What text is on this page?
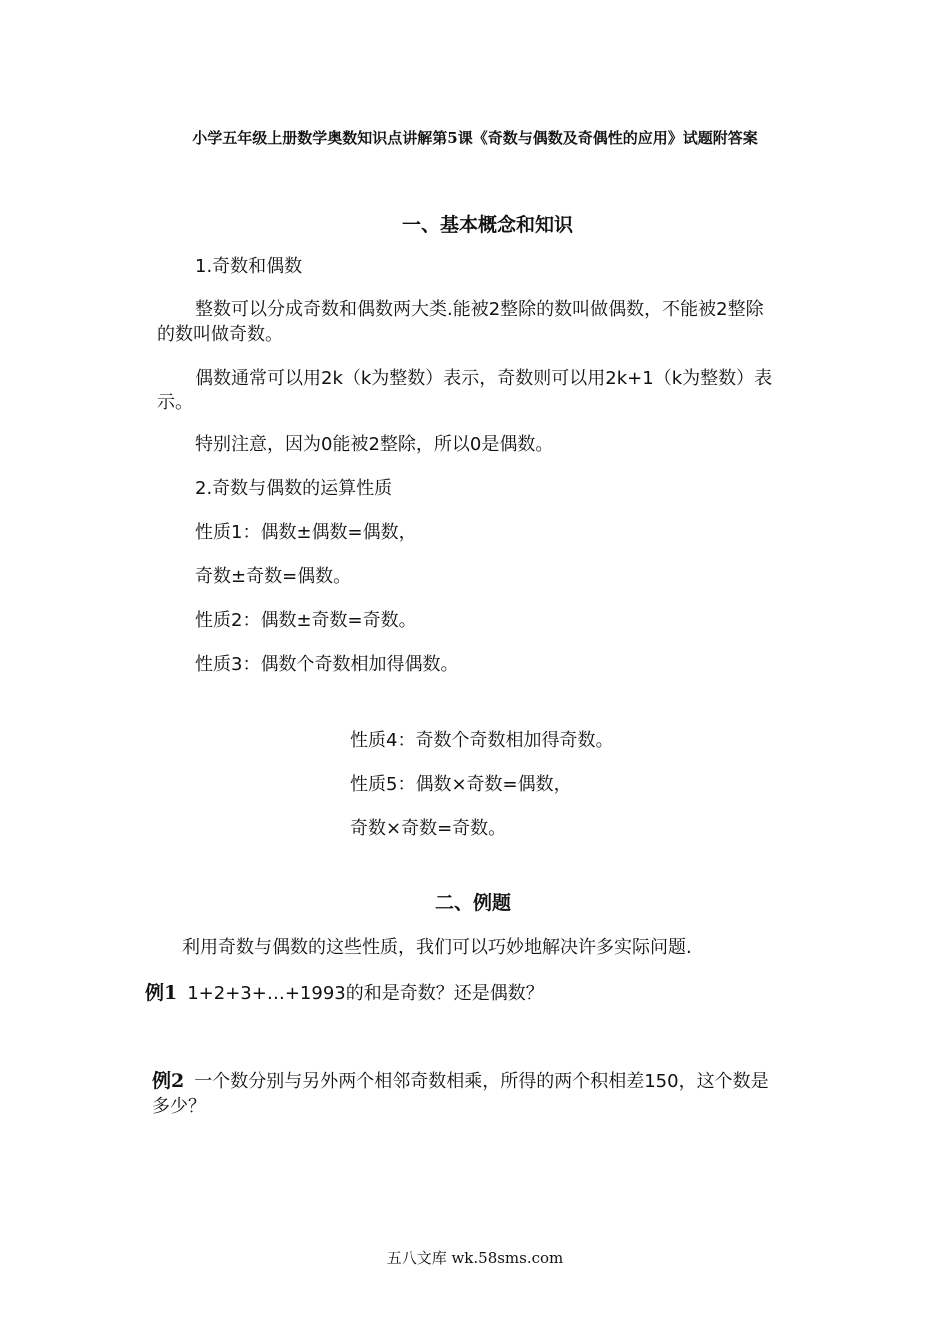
小学五年级上册数学奥数知识点讲解第5课《奇数与偶数及奇偶性的应用》试题附答案
一、基本概念和知识
1.奇数和偶数
整数可以分成奇数和偶数两大类.能被2整除的数叫做偶数，不能被2整除
的数叫做奇数。
偶数通常可以用2k（k为整数）表示，奇数则可以用2k+1（k为整数）表
示。
特别注意，因为0能被2整除，所以0是偶数。
2.奇数与偶数的运算性质
性质1：偶数±偶数=偶数，
奇数±奇数=偶数。
性质2：偶数±奇数=奇数。
性质3：偶数个奇数相加得偶数。
性质4：奇数个奇数相加得奇数。
性质5：偶数×奇数=偶数，
奇数×奇数=奇数。
二、例题
利用奇数与偶数的这些性质，我们可以巧妙地解决许多实际问题.
例1 1+2+3+…+1993的和是奇数？还是偶数？
例2 一个数分别与另外两个相邻奇数相乘，所得的两个积相差150，这个数是
多少？
五八文库 wk.58sms.com
